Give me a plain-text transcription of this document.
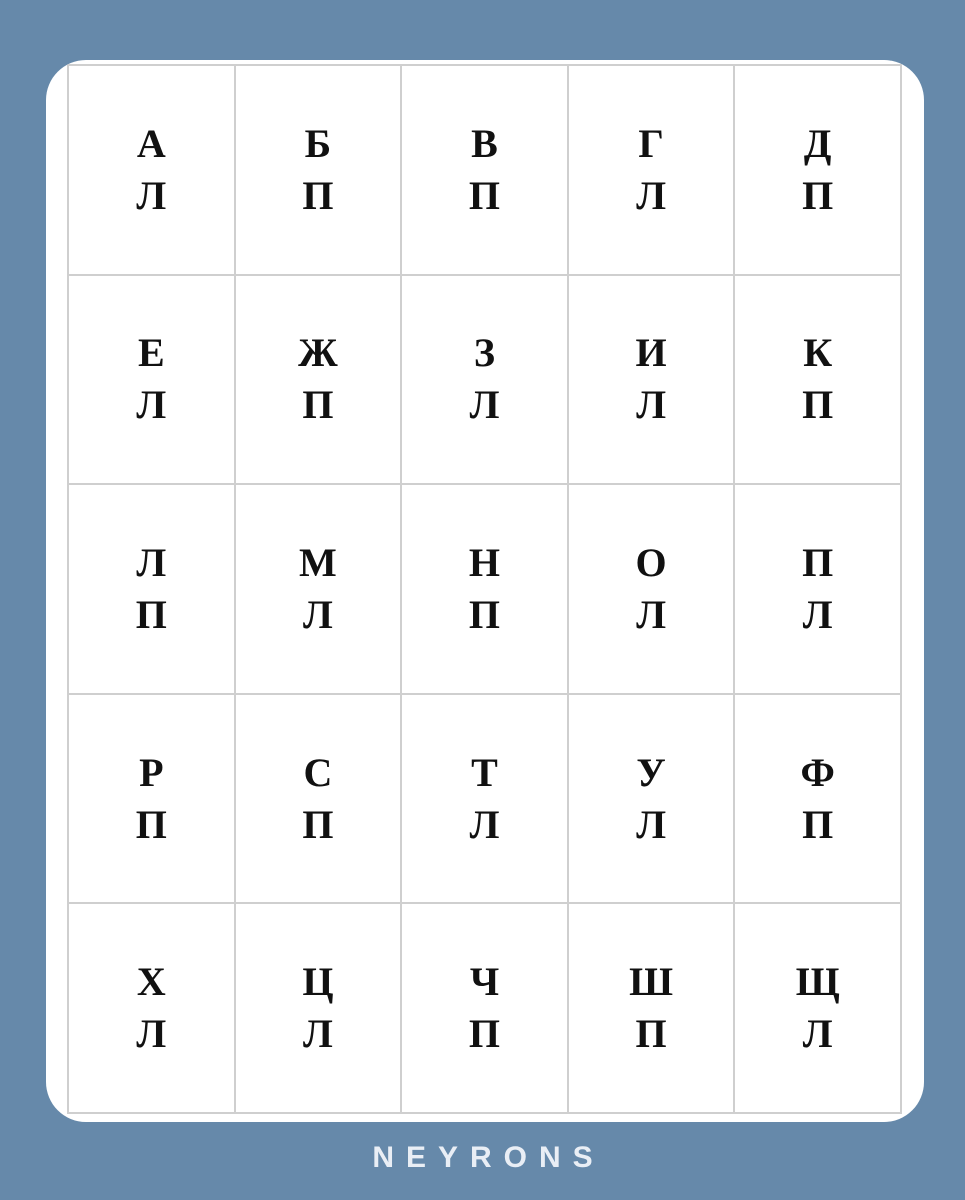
А
Л
Б
П
В
П
Г
Л
Д
П
Е
Л
Ж
П
З
Л
И
Л
К
П
Л
П
М
Л
Н
П
О
Л
П
Л
Р
П
С
П
Т
Л
У
Л
Ф
П
Х
Л
Ц
Л
Ч
П
Ш
П
Щ
Л
NEYRONS
